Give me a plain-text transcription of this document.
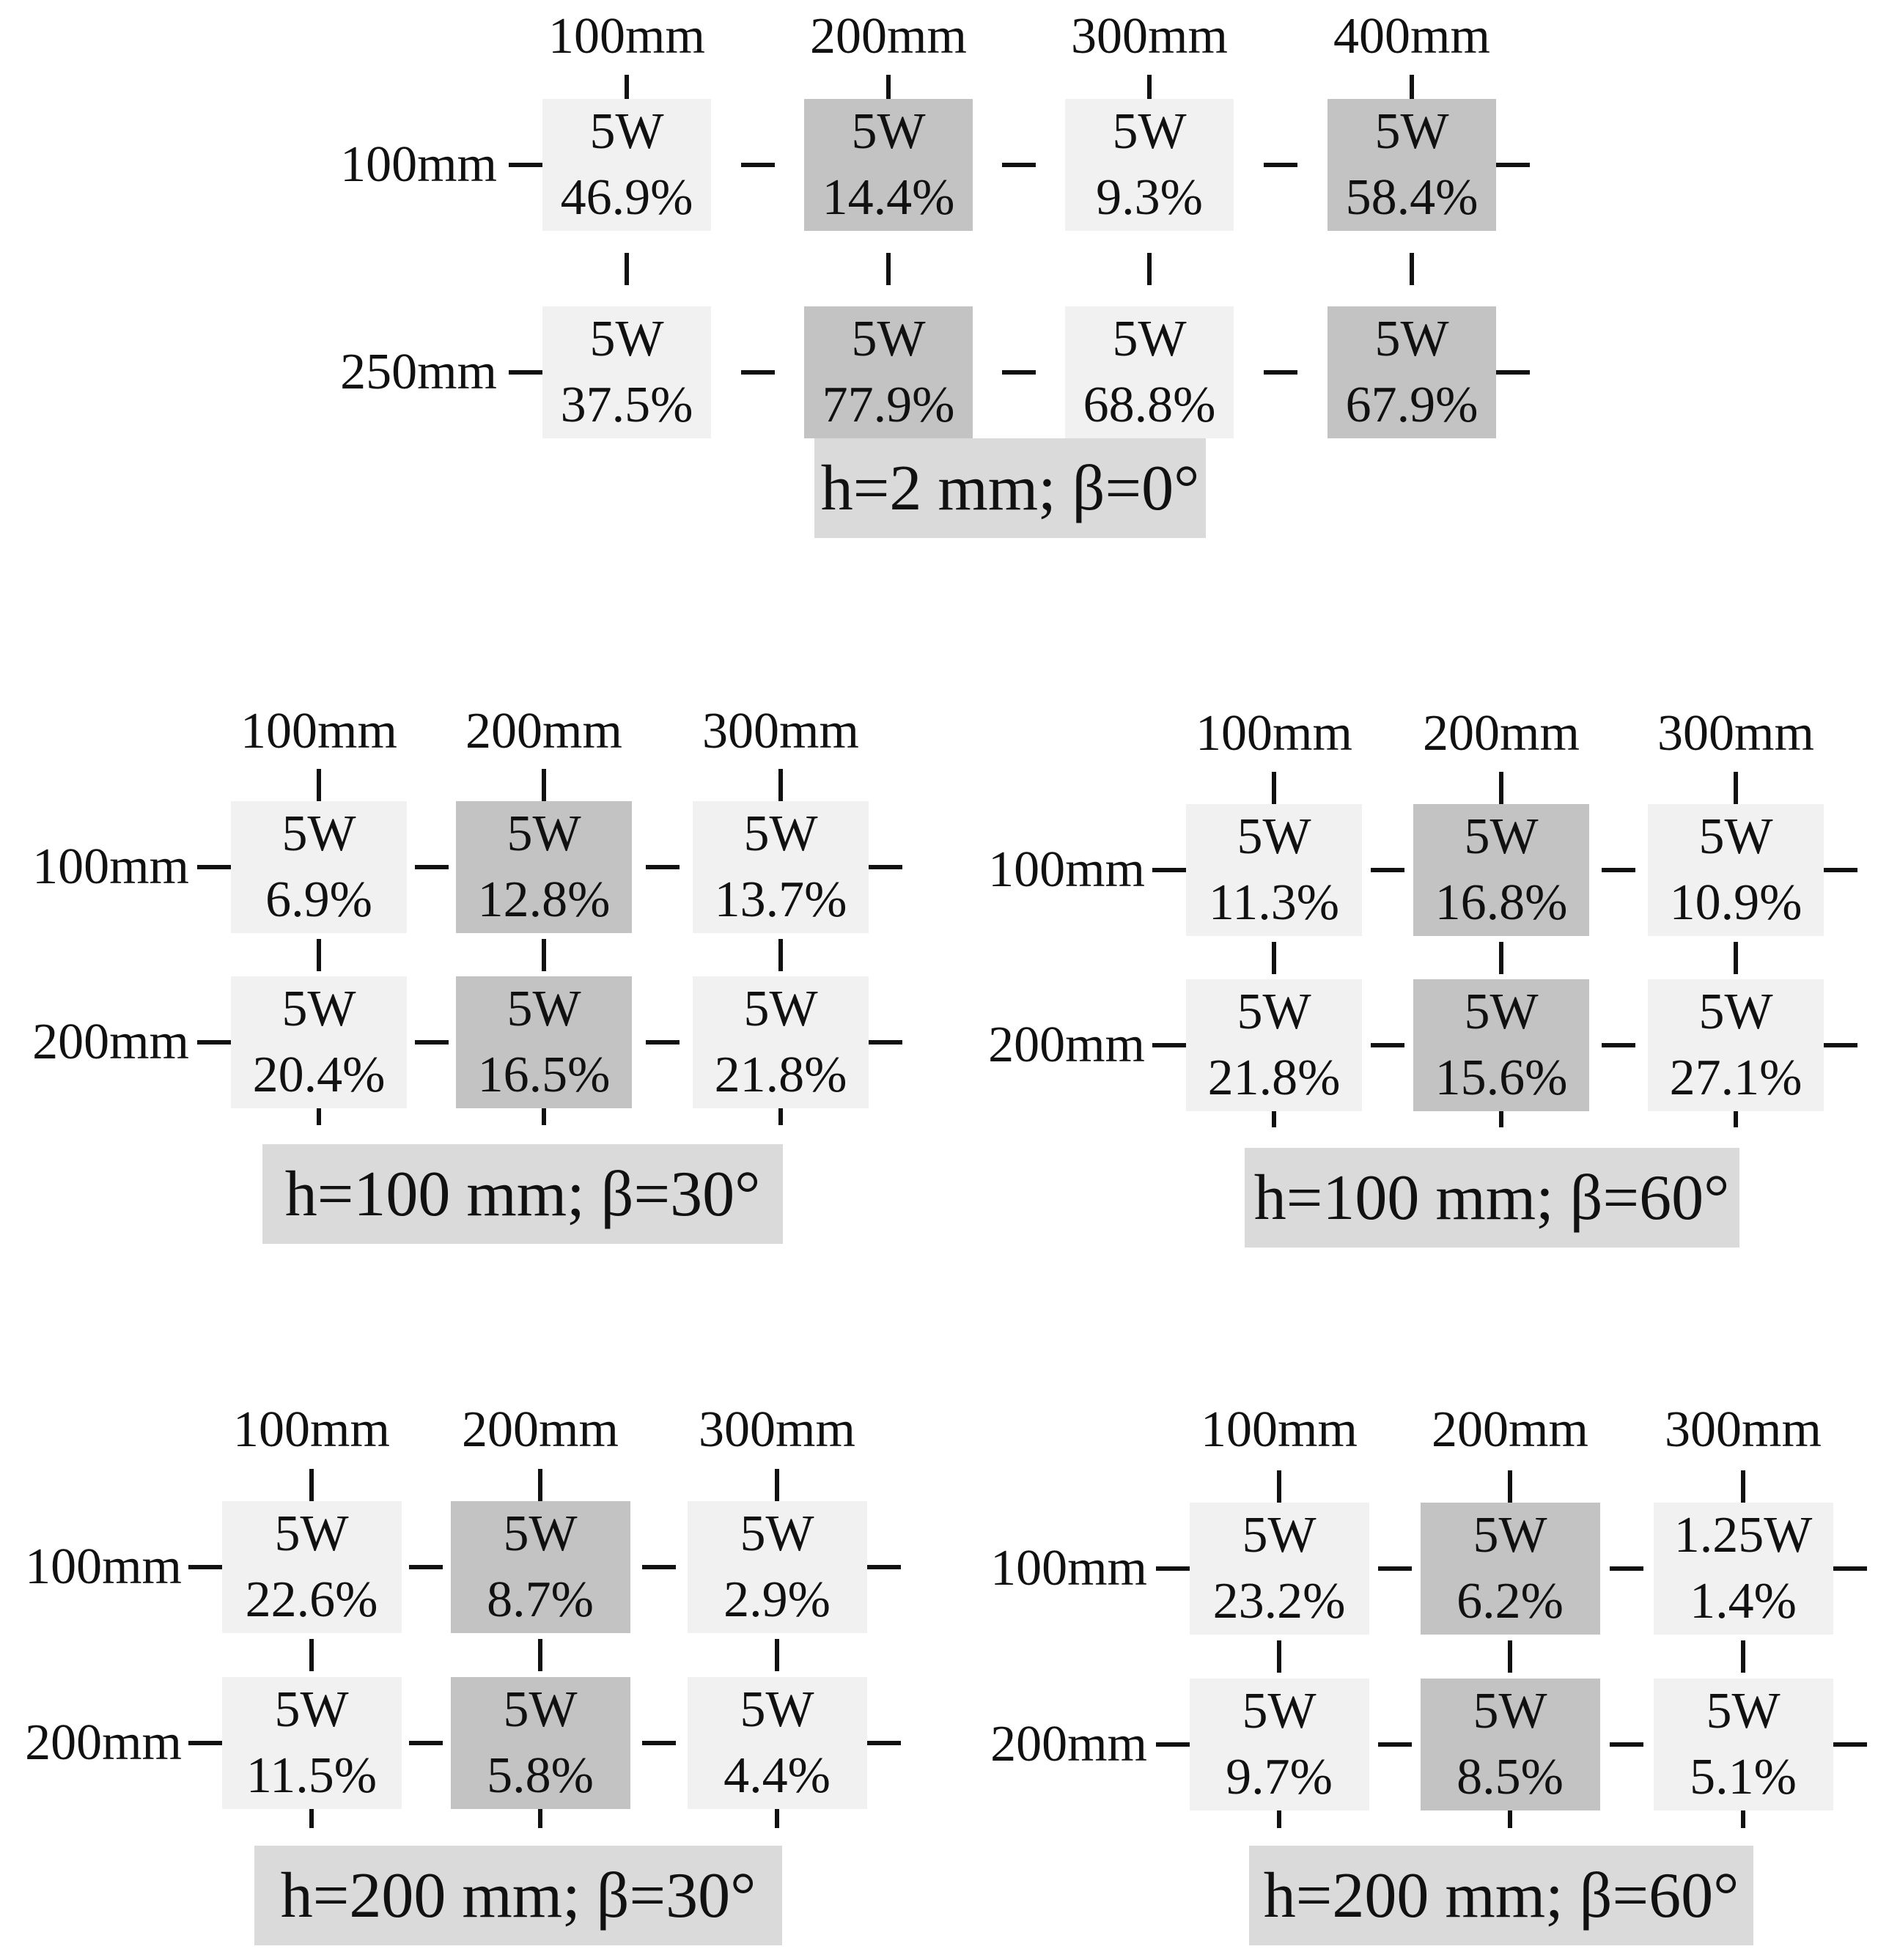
100mm 200mm 300mm 400mm
100mm
250mm
5W
46.9%
5W
14.4%
5W
9.3%
5W
58.4%
5W
37.5%
5W
77.9%
5W
68.8%
5W
67.9%
h=2 mm; β=0°
100mm 200mm 300mm
100mm
200mm
5W
6.9%
5W
12.8%
5W
13.7%
5W
20.4%
5W
16.5%
5W
21.8%
h=100 mm; β=30°
100mm 200mm 300mm
100mm
200mm
5W
11.3%
5W
16.8%
5W
10.9%
5W
21.8%
5W
15.6%
5W
27.1%
h=100 mm; β=60°
100mm 200mm 300mm
100mm
200mm
5W
22.6%
5W
8.7%
5W
2.9%
5W
11.5%
5W
5.8%
5W
4.4%
h=200 mm; β=30°
100mm 200mm 300mm
100mm
200mm
5W
23.2%
5W
6.2%
1.25W
1.4%
5W
9.7%
5W
8.5%
5W
5.1%
h=200 mm; β=60°
